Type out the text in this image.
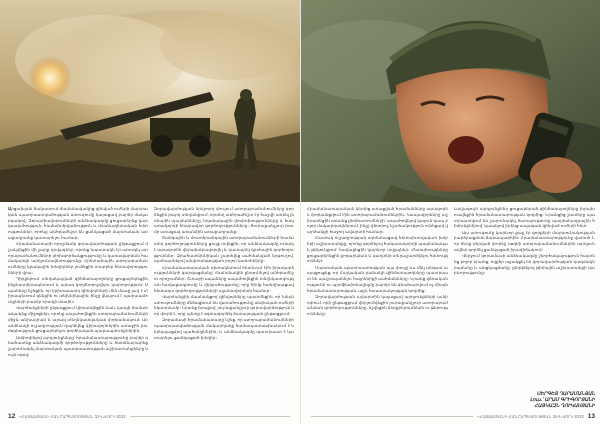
Արցախյան ճակատում ժամանակակից զինված ուժերի մարտական պատրաստվածության ստուգումը կայացավ բարձր մակարդակով։ Զորամիավորումների անձնակազմը ցուցաբերեց կարգապահություն, համախմբվածություն և մասնագիտական հմտություններ, որոնք անհրաժեշտ են ցանկացած մարտական առաջադրանք կատարելու համար։

Հրամանատարի որոշմամբ զորավարժության ընթացքում մշակվեցին մի շարք դրվագներ, որոնց նպատակն էր ստուգել ստորաբաժանումների փոխգործակցությունը և կառավարման համակարգի արդյունավետությունը։ Հրետանային ստորաբաժանումները կրակային խնդիրներ լուծեցին տարբեր հեռավորությունների վրա։

Դիրքերում տեղակայված զինծառայողները ցուցաբերեցին ինքնատիրապետում և արագ կողմնորոշվելու կարողություն։ Սպաները նշեցին, որ երիտասարդ զինվորների մեծ մասը լավ է տիրապետում զենքին ու տեխնիկային, ինչը վկայում է պարապմունքների բարձր որակի մասին։

Վարժանքների ընթացքում կիրառվեցին նաև կապի ժամանակակից միջոցներ, որոնք ապահովեցին ստորաբաժանումների միջև անխափան և արագ տեղեկատվական փոխանակում։ Առանձնակի ուշադրություն դարձվեց վիրավորներին առաջին բուժօգնություն ցուցաբերելու գործնական պարապմունքներին։

Ամփոփելով արդյունքները՝ հրամանատարությունը բարձր գնահատեց անձնակազմի գործողությունները և հանձնարարեց շարունակել մարտական պատրաստության աշխատանքները նույն ոգով։

Զորավարժության երկրորդ փուլում ստորաբաժանումները գործեցին բարդ տեղանքում, որտեղ անհրաժեշտ էր հաշվի առնել լեռնային պայմանները, եղանակային փոփոխությունները և հակառակորդի հնարավոր գործողությունները։ Յուրաքանչյուր խումբ ստացավ առանձին առաջադրանք։

Տանկային և մոտոհրաձգային ստորաբաժանումների համատեղ գործողությունները ցույց տվեցին, որ անձնակազմը ունակ է արագորեն վերախմբավորվել և կատարել գրոհային գործողություններ։ Զրահատեխնիկան շարժվեց սահմանված երթուղով՝ պահպանելով անվտանգության բոլոր կանոնները։

Հրամանատարական դիտակետում հետևում էին իրադարձությունների զարգացմանը՝ ժամանակին ընդունելով անհրաժեշտ որոշումներ։ Շտաբի սպաները ապահովեցին տեղեկատվության հավաքագրումը և վերլուծությունը, որը հիմք հանդիսացավ հետագա գործողությունների պլանավորման համար։

Վարժանքին մասնակցող զինվորները պատմեցին, որ նման ստուգումները մեծացնում են վստահությունը սեփական ուժերի նկատմամբ։ Նրանց խոսքով՝ յուրաքանչյուր զորավարժություն նոր փորձ է, որը պետք է օգտագործել ծառայության ընթացքում։

Զորամասի հրամանատարը նշեց, որ ստորաբաժանումների պատրաստվածության մակարդակը համապատասխանում է ներկայացվող պահանջներին, և անձնակազմը պատրաստ է կատարելու ցանկացած խնդիր։

12 «ՀԱՅԱՍՏԱՆԻ ՀԱՆՐԱՊԵՏՈՒԹՅԱՆ ԶԻՆՎՈՐ» 2013

Հրամանատարական կետից ստացված հրամանները արագորեն փոխանցվում էին ստորաբաժանումներին։ Կապավորները աշխատեցին առանց ընդհատումների՝ ապահովելով կայուն կապ բոլոր մակարդակներում, ինչը վճռորոշ նշանակություն ունեցավ վարժանքի հաջող ավարտի համար։

Հատուկ ուշադրության արժանացավ հետախուզական խմբերի աշխատանքը, որոնք գործելով հակառակորդի պայմանական թիկունքում՝ հավաքեցին կարևոր տվյալներ։ Հետախույզները ցուցաբերեցին քողարկման և գաղտնի տեղաշարժվելու հմտություններ։

Մարտական պատրաստության այս փուլը ևս մեկ անգամ ապացուցեց, որ Հայկական բանակի զինծառայողները պատրաստ են պաշտպանելու հայրենիքի սահմանները։ Նրանց վճռականությունն ու պրոֆեսիոնալիզմը բարձր են գնահատվում ոչ միայն հրամանատարության, այլև հասարակության կողմից։

Զորավարժության ավարտին կայացավ արդյունքների ամփոփում, որի ընթացքում վերլուծվեցին յուրաքանչյուր ստորաբաժանման գործողությունները, նշվեցին ձեռքբերումներն ու թերությունները։

Լավագույն արդյունքներ ցուցաբերած զինծառայողները խրախուսվեցին հրամանատարության կողմից։ Նրանցից շատերը պատրաստվում են շարունակել ծառայությունը պայմանագրային հիմունքներով՝ կապելով իրենց ապագան զինված ուժերի հետ։

Այս ստուգումը կարևոր քայլ էր զորքերի մարտունակության բարձրացման ճանապարհին։ Հրամանատարությունը վստահ է, որ ձեռք բերված փորձը կօգնի ստորաբաժանումներին արդյունավետ գործել ցանկացած իրավիճակում։

Վերջում զորամասի անձնակազմը շնորհակալություն հայտնեց բոլոր նրանց, ովքեր աջակցել են զորավարժության կազմակերպմանը և անցկացմանը՝ ընդգծելով թիմային աշխատանքի կարևորությունը։

ՍԵՐԳԵՅ ՂԱՐԱՄԱՆՅԱՆ
Լուս.՝ ԱՐԱՄ ԳՐԻԳՈՐՅԱՆԻ
ՀԱՅԿԱԶՆ ՂՈՒԿԱՍՅԱՆԻ
«ՀԱՅԱՍՏԱՆԻ ՀԱՆՐԱՊԵՏՈՒԹՅԱՆ ԶԻՆՎՈՐ» 2013 13
